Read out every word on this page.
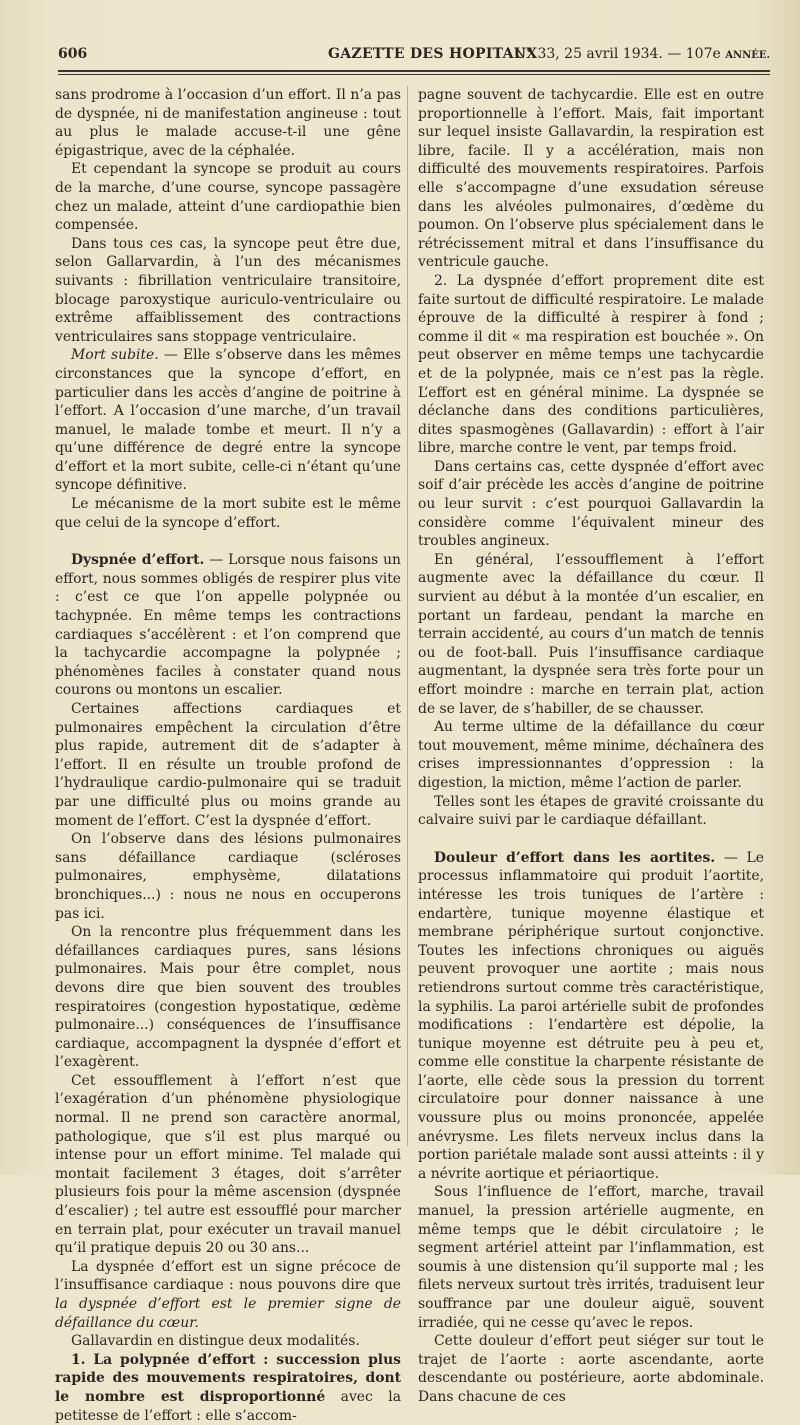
606	GAZETTE DES HOPITAUX
N° 33, 25 avril 1934. — 107e ANNÉE.

sans prodrome à l’occasion d’un effort. Il n’a pas de dyspnée, ni de manifestation angineuse : tout au plus le malade accuse-t-il une gêne épigastrique, avec de la céphalée.

Et cependant la syncope se produit au cours de la marche, d’une course, syncope passagère chez un malade, atteint d’une cardiopathie bien compensée.

Dans tous ces cas, la syncope peut être due, selon Gallarvardin, à l’un des mécanismes suivants : fibrillation ventriculaire transitoire, blocage paroxystique auriculo-ventriculaire ou extrême affaiblissement des contractions ventriculaires sans stoppage ventriculaire.

Mort subite. — Elle s’observe dans les mêmes circonstances que la syncope d’effort, en particulier dans les accès d’angine de poitrine à l’effort. A l’occasion d’une marche, d’un travail manuel, le malade tombe et meurt. Il n’y a qu’une différence de degré entre la syncope d’effort et la mort subite, celle-ci n’étant qu’une syncope définitive.

Le mécanisme de la mort subite est le même que celui de la syncope d’effort.

Dyspnée d’effort. — Lorsque nous faisons un effort, nous sommes obligés de respirer plus vite : c’est ce que l’on appelle polypnée ou tachypnée. En même temps les contractions cardiaques s’accélèrent : et l’on comprend que la tachycardie accompagne la polypnée ; phénomènes faciles à constater quand nous courons ou montons un escalier.

Certaines affections cardiaques et pulmonaires empêchent la circulation d’être plus rapide, autrement dit de s’adapter à l’effort. Il en résulte un trouble profond de l’hydraulique cardio-pulmonaire qui se traduit par une difficulté plus ou moins grande au moment de l’effort. C’est la dyspnée d’effort.

On l’observe dans des lésions pulmonaires sans défaillance cardiaque (scléroses pulmonaires, emphysème, dilatations bronchiques...) : nous ne nous en occuperons pas ici.

On la rencontre plus fréquemment dans les défaillances cardiaques pures, sans lésions pulmonaires. Mais pour être complet, nous devons dire que bien souvent des troubles respiratoires (congestion hypostatique, œdème pulmonaire...) conséquences de l’insuffisance cardiaque, accompagnent la dyspnée d’effort et l’exagèrent.

Cet essoufflement à l’effort n’est que l’exagération d’un phénomène physiologique normal. Il ne prend son caractère anormal, pathologique, que s’il est plus marqué ou intense pour un effort minime. Tel malade qui montait facilement 3 étages, doit s’arrêter plusieurs fois pour la même ascension (dyspnée d’escalier) ; tel autre est essoufflé pour marcher en terrain plat, pour exécuter un travail manuel qu’il pratique depuis 20 ou 30 ans...

La dyspnée d’effort est un signe précoce de l’insuffisance cardiaque : nous pouvons dire que la dyspnée d’effort est le premier signe de défaillance du cœur.

Gallavardin en distingue deux modalités.

1. La polypnée d’effort : succession plus rapide des mouvements respiratoires, dont le nombre est disproportionné avec la petitesse de l’effort : elle s’accom-

pagne souvent de tachycardie. Elle est en outre proportionnelle à l’effort. Mais, fait important sur lequel insiste Gallavardin, la respiration est libre, facile. Il y a accélération, mais non difficulté des mouvements respiratoires. Parfois elle s’accompagne d’une exsudation séreuse dans les alvéoles pulmonaires, d’œdème du poumon. On l’observe plus spécialement dans le rétrécissement mitral et dans l’insuffisance du ventricule gauche.

2. La dyspnée d’effort proprement dite est faite surtout de difficulté respiratoire. Le malade éprouve de la difficulté à respirer à fond ; comme il dit « ma respiration est bouchée ». On peut observer en même temps une tachycardie et de la polypnée, mais ce n’est pas la règle. L’effort est en général minime. La dyspnée se déclanche dans des conditions particulières, dites spasmogènes (Gallavardin) : effort à l’air libre, marche contre le vent, par temps froid.

Dans certains cas, cette dyspnée d’effort avec soif d’air précède les accès d’angine de poitrine ou leur survit : c’est pourquoi Gallavardin la considère comme l’équivalent mineur des troubles angineux.

En général, l’essoufflement à l’effort augmente avec la défaillance du cœur. Il survient au début à la montée d’un escalier, en portant un fardeau, pendant la marche en terrain accidenté, au cours d’un match de tennis ou de foot-ball. Puis l’insuffisance cardiaque augmentant, la dyspnée sera très forte pour un effort moindre : marche en terrain plat, action de se laver, de s’habiller, de se chausser.

Au terme ultime de la défaillance du cœur tout mouvement, même minime, déchaînera des crises impressionnantes d’oppression : la digestion, la miction, même l’action de parler.

Telles sont les étapes de gravité croissante du calvaire suivi par le cardiaque défaillant.

Douleur d’effort dans les aortites. — Le processus inflammatoire qui produit l’aortite, intéresse les trois tuniques de l’artère : endartère, tunique moyenne élastique et membrane périphérique surtout conjonctive. Toutes les infections chroniques ou aiguës peuvent provoquer une aortite ; mais nous retiendrons surtout comme très caractéristique, la syphilis. La paroi artérielle subit de profondes modifications : l’endartère est dépolie, la tunique moyenne est détruite peu à peu et, comme elle constitue la charpente résistante de l’aorte, elle cède sous la pression du torrent circulatoire pour donner naissance à une voussure plus ou moins prononcée, appelée anévrysme. Les filets nerveux inclus dans la portion pariétale malade sont aussi atteints : il y a névrite aortique et périaortique.

Sous l’influence de l’effort, marche, travail manuel, la pression artérielle augmente, en même temps que le débit circulatoire ; le segment artériel atteint par l’inflammation, est soumis à une distension qu’il supporte mal ; les filets nerveux surtout très irrités, traduisent leur souffrance par une douleur aiguë, souvent irradiée, qui ne cesse qu’avec le repos.

Cette douleur d’effort peut siéger sur tout le trajet de l’aorte : aorte ascendante, aorte descendante ou postérieure, aorte abdominale. Dans chacune de ces
